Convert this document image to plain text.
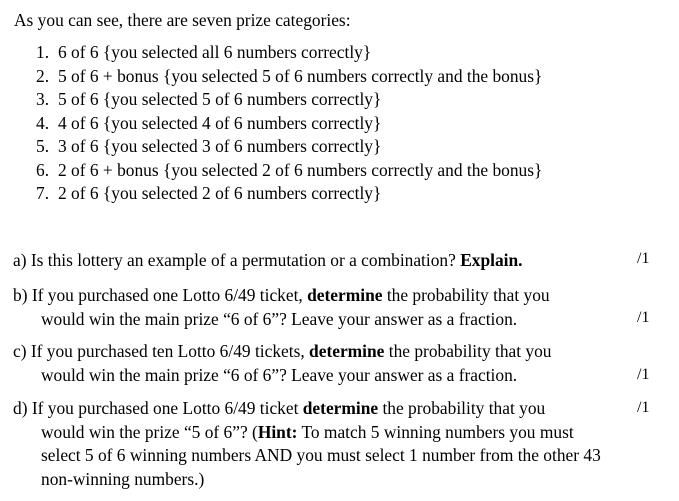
As you can see, there are seven prize categories:
1. 6 of 6 {you selected all 6 numbers correctly}
2. 5 of 6 + bonus {you selected 5 of 6 numbers correctly and the bonus}
3. 5 of 6 {you selected 5 of 6 numbers correctly}
4. 4 of 6 {you selected 4 of 6 numbers correctly}
5. 3 of 6 {you selected 3 of 6 numbers correctly}
6. 2 of 6 + bonus {you selected 2 of 6 numbers correctly and the bonus}
7. 2 of 6 {you selected 2 of 6 numbers correctly}
a) Is this lottery an example of a permutation or a combination? Explain.	/1
b) If you purchased one Lotto 6/49 ticket, determine the probability that you
would win the main prize “6 of 6”? Leave your answer as a fraction.	/1
c) If you purchased ten Lotto 6/49 tickets, determine the probability that you
would win the main prize “6 of 6”? Leave your answer as a fraction.	/1
d) If you purchased one Lotto 6/49 ticket determine the probability that you
would win the prize “5 of 6”? (Hint: To match 5 winning numbers you must
select 5 of 6 winning numbers AND you must select 1 number from the other 43
non-winning numbers.)
/1
